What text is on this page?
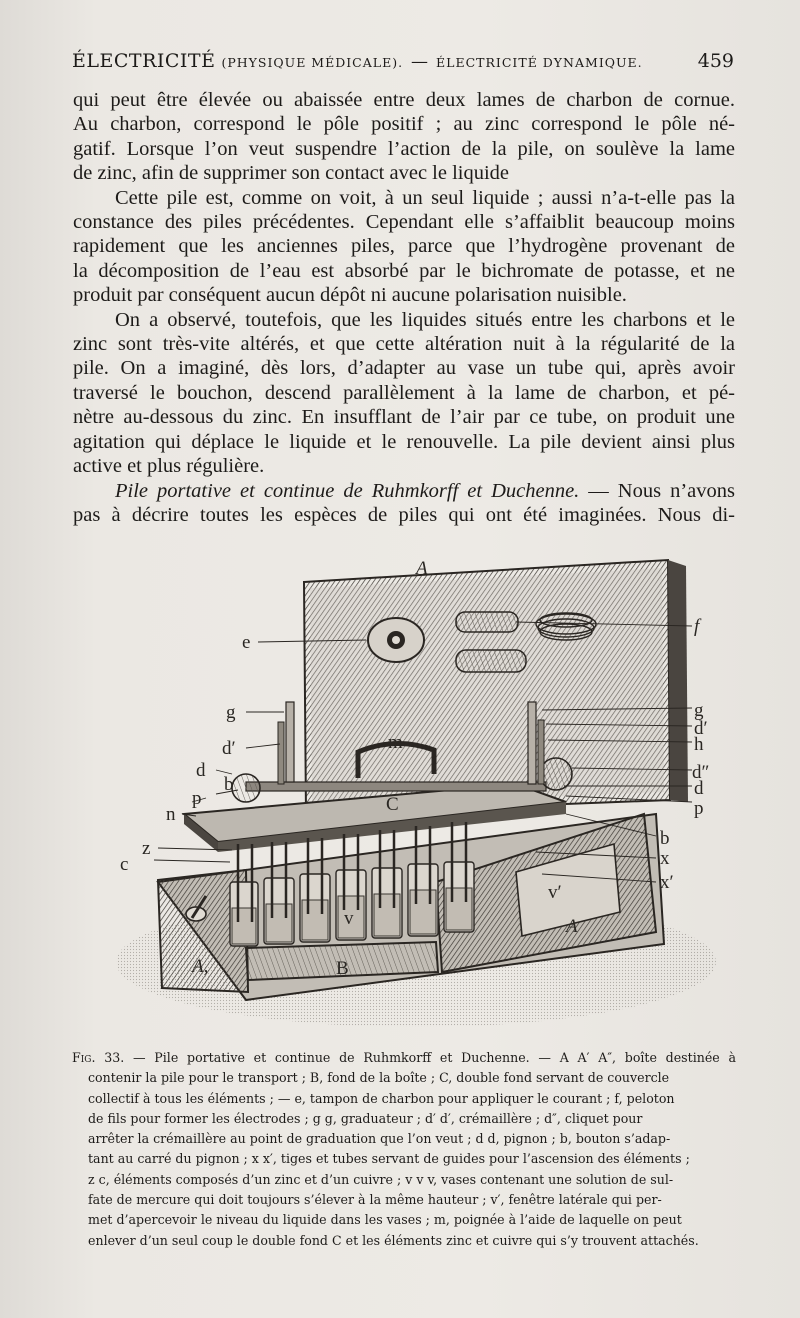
ÉLECTRICITÉ (PHYSIQUE MÉDICALE). — ÉLECTRICITÉ DYNAMIQUE.	459

qui peut être élevée ou abaissée entre deux lames de charbon de cornue.

Au charbon, correspond le pôle positif ; au zinc correspond le pôle né-

gatif. Lorsque l’on veut suspendre l’action de la pile, on soulève la lame

de zinc, afin de supprimer son contact avec le liquide

Cette pile est, comme on voit, à un seul liquide ; aussi n’a-t-elle pas la

constance des piles précédentes. Cependant elle s’affaiblit beaucoup moins

rapidement que les anciennes piles, parce que l’hydrogène provenant de

la décomposition de l’eau est absorbé par le bichromate de potasse, et ne

produit par conséquent aucun dépôt ni aucune polarisation nuisible.

On a observé, toutefois, que les liquides situés entre les charbons et le

zinc sont très-vite altérés, et que cette altération nuit à la régularité de la

pile. On a imaginé, dès lors, d’adapter au vase un tube qui, après avoir

traversé le bouchon, descend parallèlement à la lame de charbon, et pé-

nètre au-dessous du zinc. En insufflant de l’air par ce tube, on produit une

agitation qui déplace le liquide et le renouvelle. La pile devient ainsi plus

active et plus régulière.

Pile portative et continue de Ruhmkorff et Duchenne. — Nous n’avons

pas à décrire toutes les espèces de piles qui ont été imaginées. Nous di-

A
e
f
g
d′
d
b
p
n
m
C
z
c
g
d′
h
d″
d
p
b
x
x′
A,	B
A
v
v′

Fig. 33. — Pile portative et continue de Ruhmkorff et Duchenne. — A A′ A″, boîte destinée à

contenir la pile pour le transport ; B, fond de la boîte ; C, double fond servant de couvercle

collectif à tous les éléments ; — e, tampon de charbon pour appliquer le courant ; f, peloton

de fils pour former les électrodes ; g g, graduateur ; d′ d′, crémaillère ; d″, cliquet pour

arrêter la crémaillère au point de graduation que l’on veut ; d d, pignon ; b, bouton s’adap-

tant au carré du pignon ; x x′, tiges et tubes servant de guides pour l’ascension des éléments ;

z c, éléments composés d’un zinc et d’un cuivre ; v v v, vases contenant une solution de sul-

fate de mercure qui doit toujours s’élever à la même hauteur ; v′, fenêtre latérale qui per-

met d’apercevoir le niveau du liquide dans les vases ; m, poignée à l’aide de laquelle on peut

enlever d’un seul coup le double fond C et les éléments zinc et cuivre qui s’y trouvent attachés.
